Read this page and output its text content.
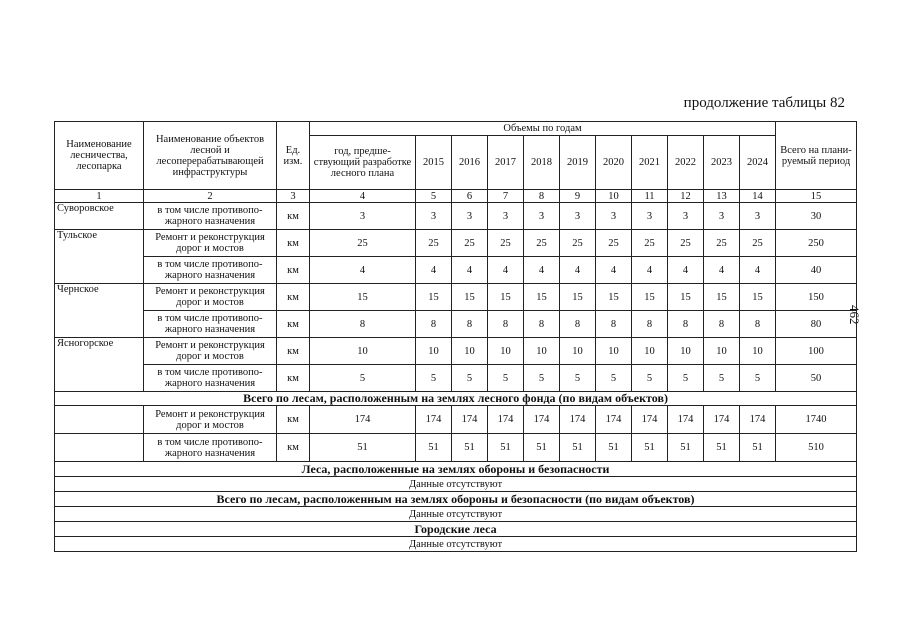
продолжение таблицы 82
462
Наименование лесничества, лесопарка	Наименование объектов лесной и лесоперерабатывающей инфраструктуры	Ед. изм.	Объемы по годам											Всего на плани-руемый период
			год, предше-ствующий разработке лесного плана	2015	2016	2017	2018	2019	2020	2021	2022	2023	2024	
1	2	3	4	5	6	7	8	9	10	11	12	13	14	15
Суворовское	в том числе противопо-жарного назначения	км	3	3	3	3	3	3	3	3	3	3	3	30
Тульское	Ремонт и реконструкция дорог и мостов	км	25	25	25	25	25	25	25	25	25	25	25	250
	в том числе противопо-жарного назначения	км	4	4	4	4	4	4	4	4	4	4	4	40
Чернское	Ремонт и реконструкция дорог и мостов	км	15	15	15	15	15	15	15	15	15	15	15	150
	в том числе противопо-жарного назначения	км	8	8	8	8	8	8	8	8	8	8	8	80
Ясногорское	Ремонт и реконструкция дорог и мостов	км	10	10	10	10	10	10	10	10	10	10	10	100
	в том числе противопо-жарного назначения	км	5	5	5	5	5	5	5	5	5	5	5	50
Всего по лесам, расположенным на землях лесного фонда (по видам объектов)														
	Ремонт и реконструкция дорог и мостов	км	174	174	174	174	174	174	174	174	174	174	174	1740
	в том числе противопо-жарного назначения	км	51	51	51	51	51	51	51	51	51	51	51	510
Леса, расположенные на землях обороны и безопасности														
Данные отсутствуют														
Всего по лесам, расположенным на землях обороны и безопасности (по видам объектов)														
Данные отсутствуют														
Городские леса														
Данные отсутствуют														
